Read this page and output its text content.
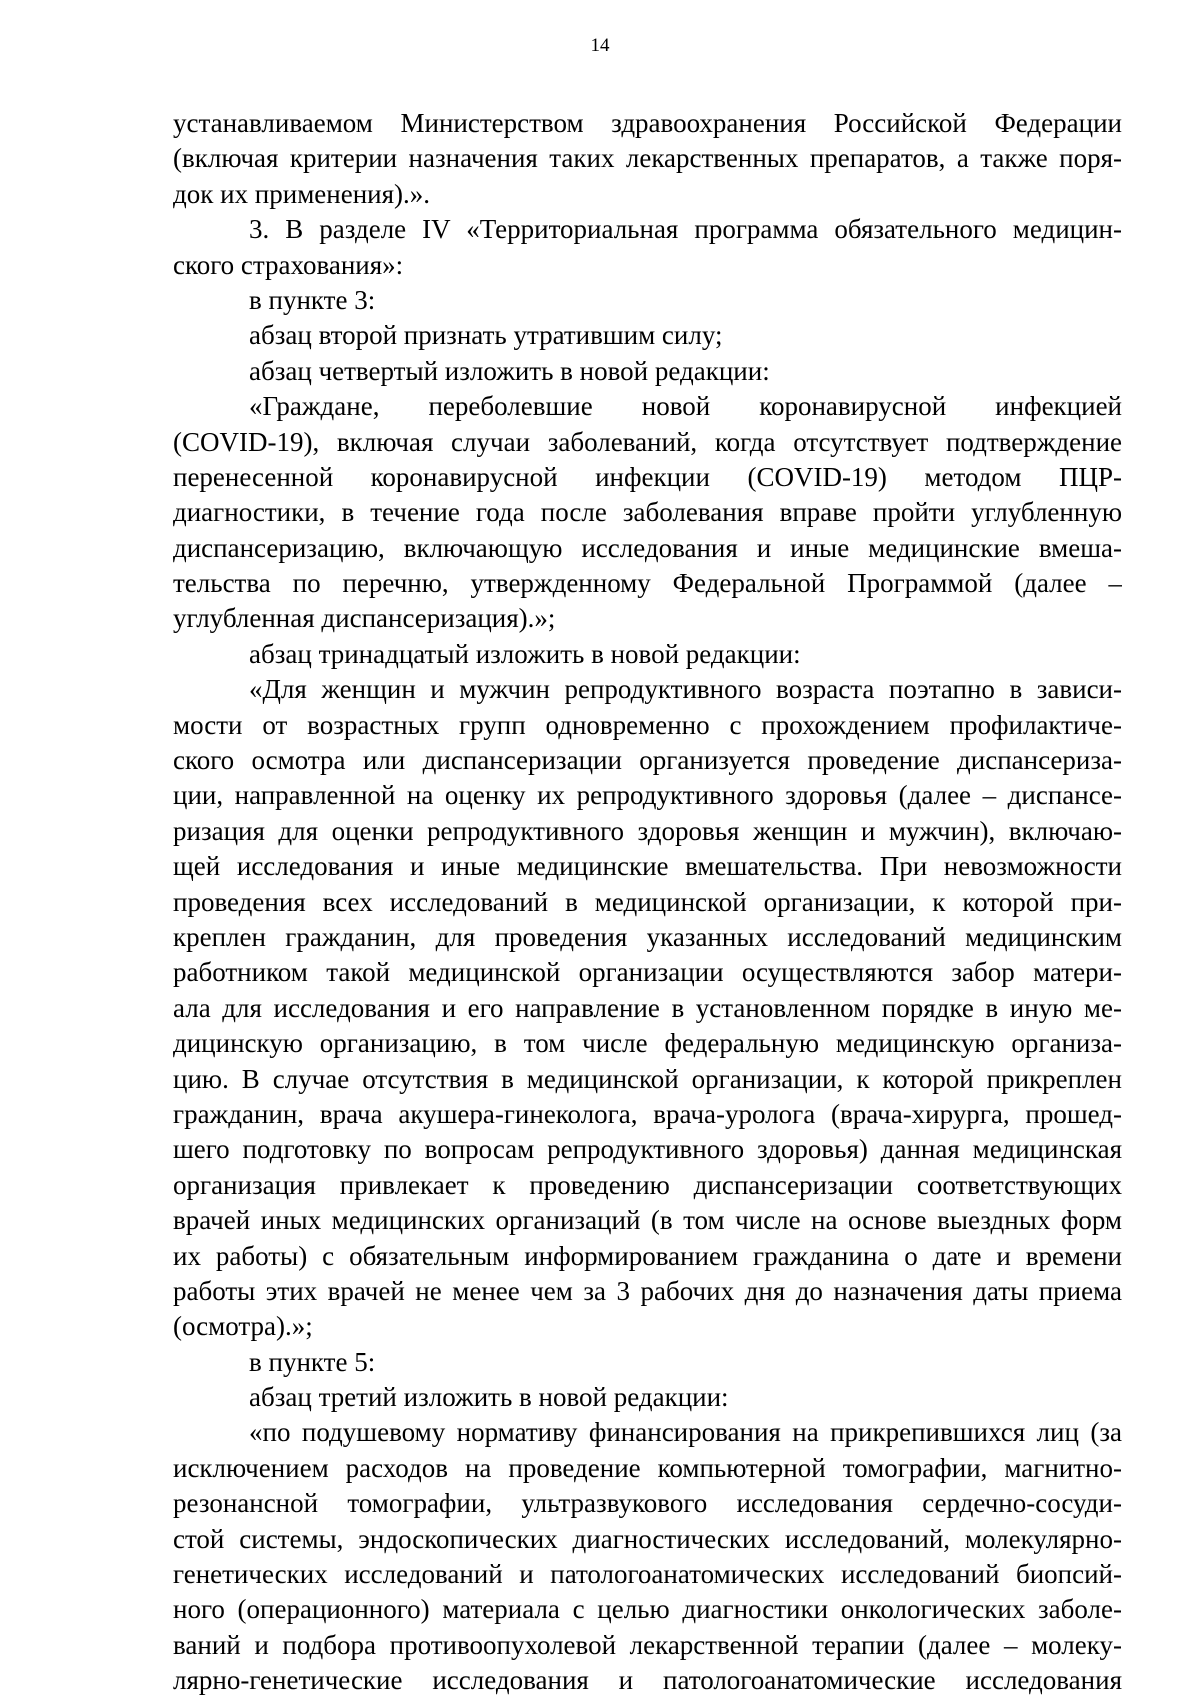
14
устанавливаемом Министерством здравоохранения Российской Федерации
(включая критерии назначения таких лекарственных препаратов, а также поря-
док их применения).».
3. В разделе IV «Территориальная программа обязательного медицин-
ского страхования»:
в пункте 3:
абзац второй признать утратившим силу;
абзац четвертый изложить в новой редакции:
«Граждане, переболевшие новой коронавирусной инфекцией
(COVID-19), включая случаи заболеваний, когда отсутствует подтверждение
перенесенной коронавирусной инфекции (COVID-19) методом ПЦР-
диагностики, в течение года после заболевания вправе пройти углубленную
диспансеризацию, включающую исследования и иные медицинские вмеша-
тельства по перечню, утвержденному Федеральной Программой (далее –
углубленная диспансеризация).»;
абзац тринадцатый изложить в новой редакции:
«Для женщин и мужчин репродуктивного возраста поэтапно в зависи-
мости от возрастных групп одновременно с прохождением профилактиче-
ского осмотра или диспансеризации организуется проведение диспансериза-
ции, направленной на оценку их репродуктивного здоровья (далее – диспансе-
ризация для оценки репродуктивного здоровья женщин и мужчин), включаю-
щей исследования и иные медицинские вмешательства. При невозможности
проведения всех исследований в медицинской организации, к которой при-
креплен гражданин, для проведения указанных исследований медицинским
работником такой медицинской организации осуществляются забор матери-
ала для исследования и его направление в установленном порядке в иную ме-
дицинскую организацию, в том числе федеральную медицинскую организа-
цию. В случае отсутствия в медицинской организации, к которой прикреплен
гражданин, врача акушера-гинеколога, врача-уролога (врача-хирурга, прошед-
шего подготовку по вопросам репродуктивного здоровья) данная медицинская
организация привлекает к проведению диспансеризации соответствующих
врачей иных медицинских организаций (в том числе на основе выездных форм
их работы) с обязательным информированием гражданина о дате и времени
работы этих врачей не менее чем за 3 рабочих дня до назначения даты приема
(осмотра).»;
в пункте 5:
абзац третий изложить в новой редакции:
«по подушевому нормативу финансирования на прикрепившихся лиц (за
исключением расходов на проведение компьютерной томографии, магнитно-
резонансной томографии, ультразвукового исследования сердечно-сосуди-
стой системы, эндоскопических диагностических исследований, молекулярно-
генетических исследований и патологоанатомических исследований биопсий-
ного (операционного) материала с целью диагностики онкологических заболе-
ваний и подбора противоопухолевой лекарственной терапии (далее – молеку-
лярно-генетические исследования и патологоанатомические исследования
